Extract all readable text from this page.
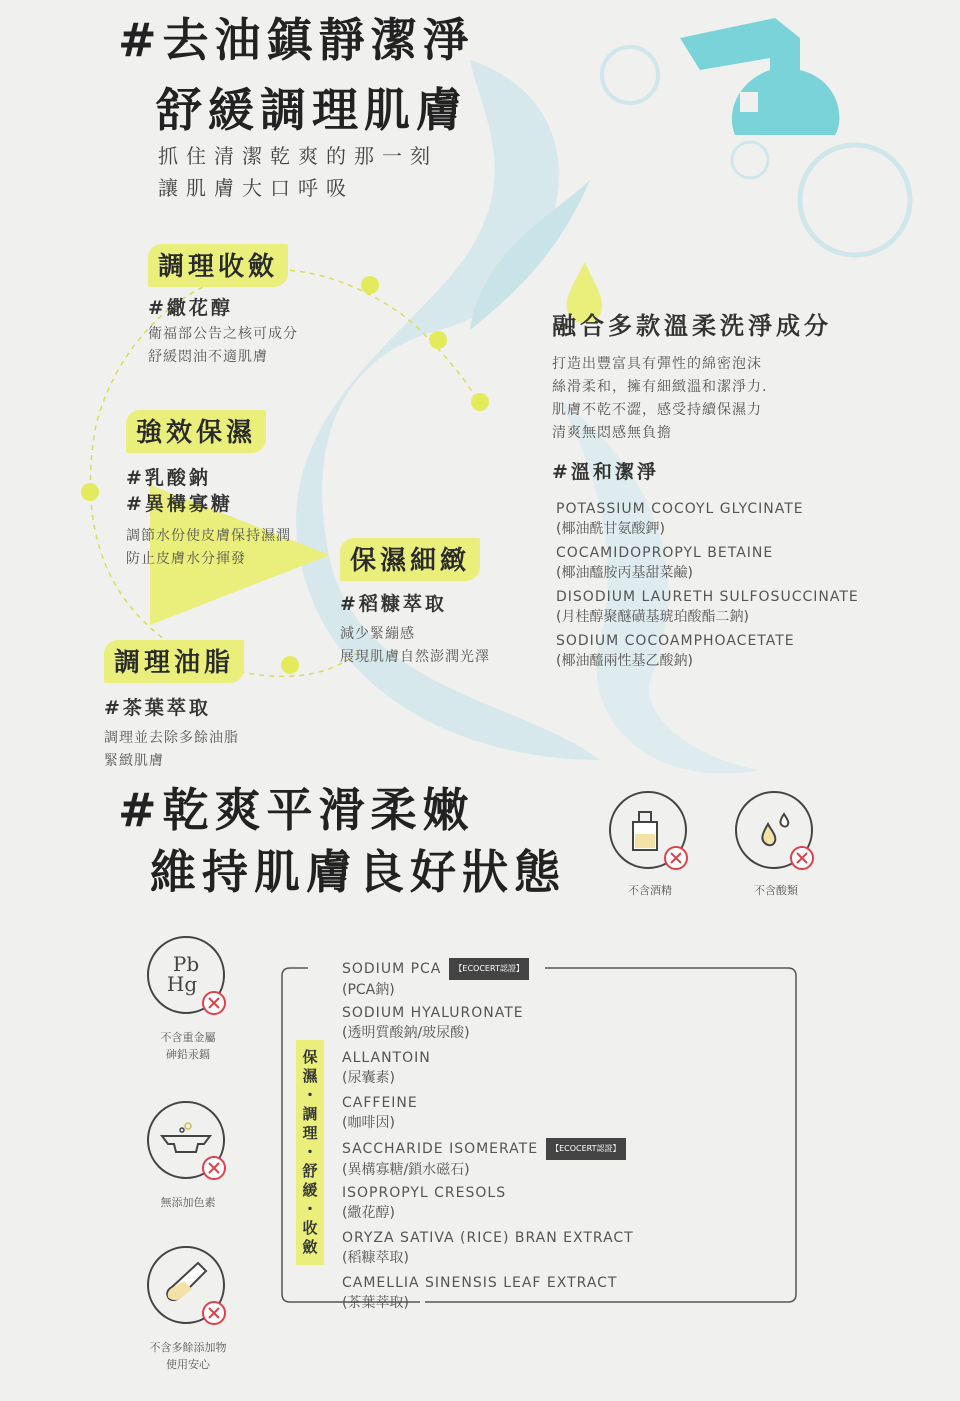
#去油鎮靜潔淨
舒緩調理肌膚
抓住清潔乾爽的那一刻
讓肌膚大口呼吸
調理收斂
#繖花醇
衛福部公告之核可成分
舒緩悶油不適肌膚
強效保濕
#乳酸鈉
#異構寡糖
調節水份使皮膚保持濕潤
防止皮膚水分揮發	保濕細緻
#稻糠萃取
減少緊繃感
展現肌膚自然澎潤光澤
調理油脂
#茶葉萃取
調理並去除多餘油脂
緊緻肌膚
融合多款溫柔洗淨成分
打造出豐富具有彈性的綿密泡沫
絲滑柔和，擁有細緻溫和潔淨力.
肌膚不乾不澀，感受持續保濕力
清爽無悶感無負擔
#溫和潔淨
POTASSIUM COCOYL GLYCINATE
(椰油酰甘氨酸鉀)
COCAMIDOPROPYL BETAINE
(椰油醯胺丙基甜菜鹼)
DISODIUM LAURETH SULFOSUCCINATE
(月桂醇聚醚磺基琥珀酸酯二鈉)
SODIUM COCOAMPHOACETATE
(椰油醯兩性基乙酸鈉)
#乾爽平滑柔嫩
維持肌膚良好狀態	不含酒精	不含酸類
Pb
Hg
不含重金屬
砷鉛汞鎘
無添加色素
不含多餘添加物
使用安心
保
濕
・
調
理
・
舒
緩
・
收
斂
SODIUM PCA 【ECOCERT認證】
(PCA鈉)
SODIUM HYALURONATE
(透明質酸鈉/玻尿酸)
ALLANTOIN
(尿囊素)
CAFFEINE
(咖啡因)
SACCHARIDE ISOMERATE 【ECOCERT認證】
(異構寡糖/鎖水磁石)
ISOPROPYL CRESOLS
(繖花醇)
ORYZA SATIVA (RICE) BRAN EXTRACT
(稻糠萃取)
CAMELLIA SINENSIS LEAF EXTRACT
(茶葉萃取)
